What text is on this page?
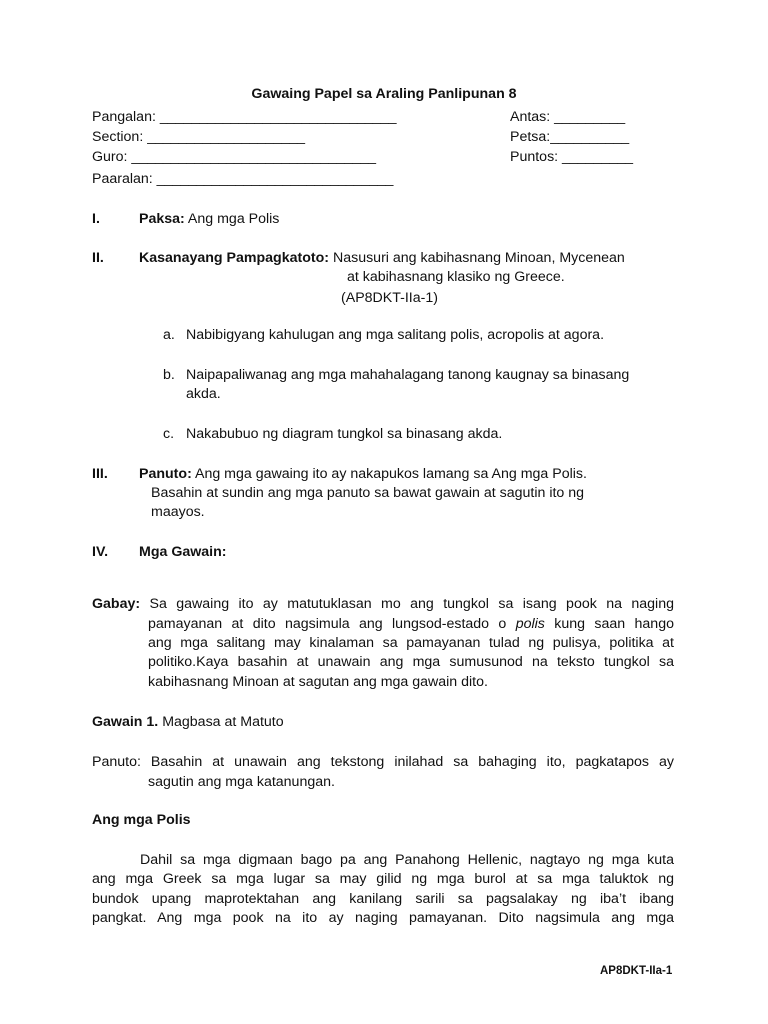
Gawaing Papel sa Araling Panlipunan 8
Pangalan: ______________________________
Section: ____________________
Guro: _______________________________
Paaralan: ______________________________
Antas: _________
Petsa:__________
Puntos: _________
I.	Paksa: Ang mga Polis
II. Kasanayang Pampagkatoto: Nasusuri ang kabihasnang Minoan, Mycenean
at kabihasnang klasiko ng Greece.
(AP8DKT-IIa-1)
a. Nabibigyang kahulugan ang mga salitang polis, acropolis at agora.
b. Naipapaliwanag ang mga mahahalagang tanong kaugnay sa binasang
akda.
c. Nakabubuo ng diagram tungkol sa binasang akda.
III. Panuto: Ang mga gawaing ito ay nakapukos lamang sa Ang mga Polis.
Basahin at sundin ang mga panuto sa bawat gawain at sagutin ito ng
maayos.
IV. Mga Gawain:
Gabay: Sa gawaing ito ay matutuklasan mo ang tungkol sa isang pook na naging
pamayanan at dito nagsimula ang lungsod-estado o polis kung saan hango
ang mga salitang may kinalaman sa pamayanan tulad ng pulisya, politika at
politiko.Kaya basahin at unawain ang mga sumusunod na teksto tungkol sa
kabihasnang Minoan at sagutan ang mga gawain dito.
Gawain 1. Magbasa at Matuto
Panuto: Basahin at unawain ang tekstong inilahad sa bahaging ito, pagkatapos ay
sagutin ang mga katanungan.
Ang mga Polis
Dahil sa mga digmaan bago pa ang Panahong Hellenic, nagtayo ng mga kuta
ang mga Greek sa mga lugar sa may gilid ng mga burol at sa mga taluktok ng
bundok upang maprotektahan ang kanilang sarili sa pagsalakay ng iba’t ibang
pangkat. Ang mga pook na ito ay naging pamayanan. Dito nagsimula ang mga
AP8DKT-IIa-1
